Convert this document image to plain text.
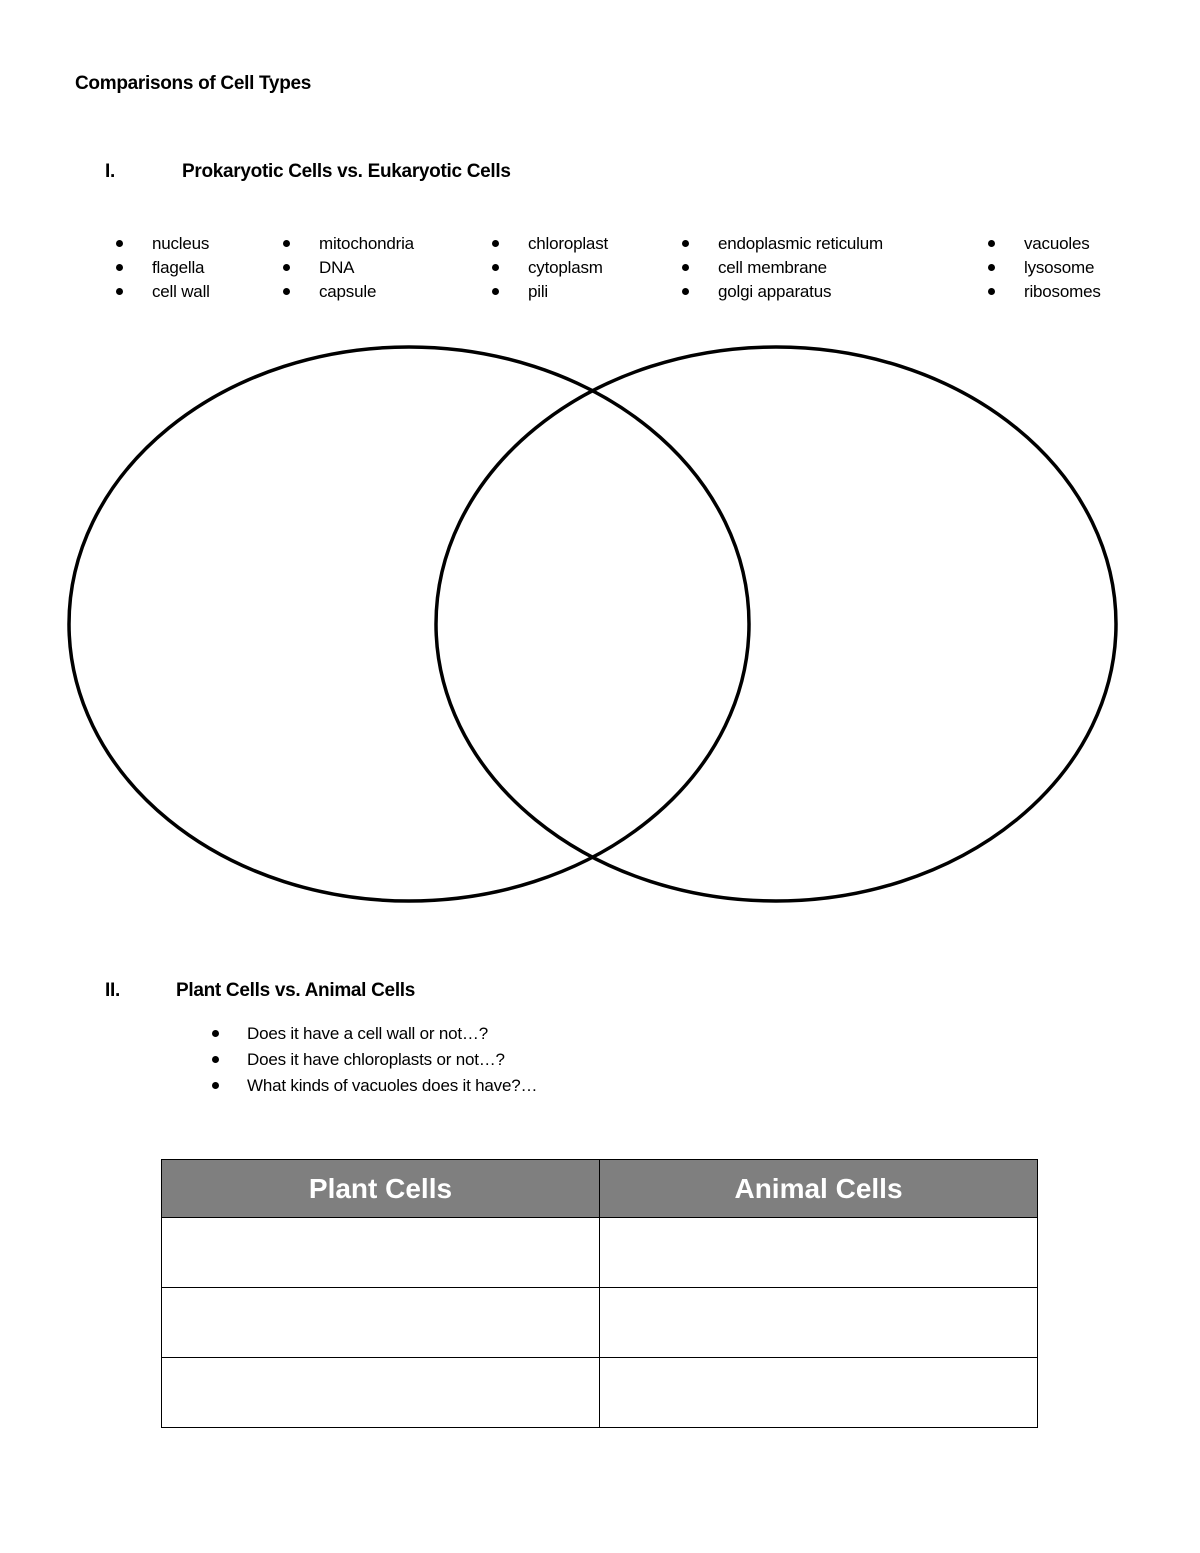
Comparisons of Cell Types
I.	Prokaryotic Cells vs. Eukaryotic Cells
nucleus
flagella
cell wall
mitochondria
DNA
capsule
chloroplast
cytoplasm
pili
endoplasmic reticulum
cell membrane
golgi apparatus
vacuoles
lysosome
ribosomes
II.	Plant Cells vs. Animal Cells
Does it have a cell wall or not…?
Does it have chloroplasts or not…?
What kinds of vacuoles does it have?…
Plant Cells	Animal Cells
